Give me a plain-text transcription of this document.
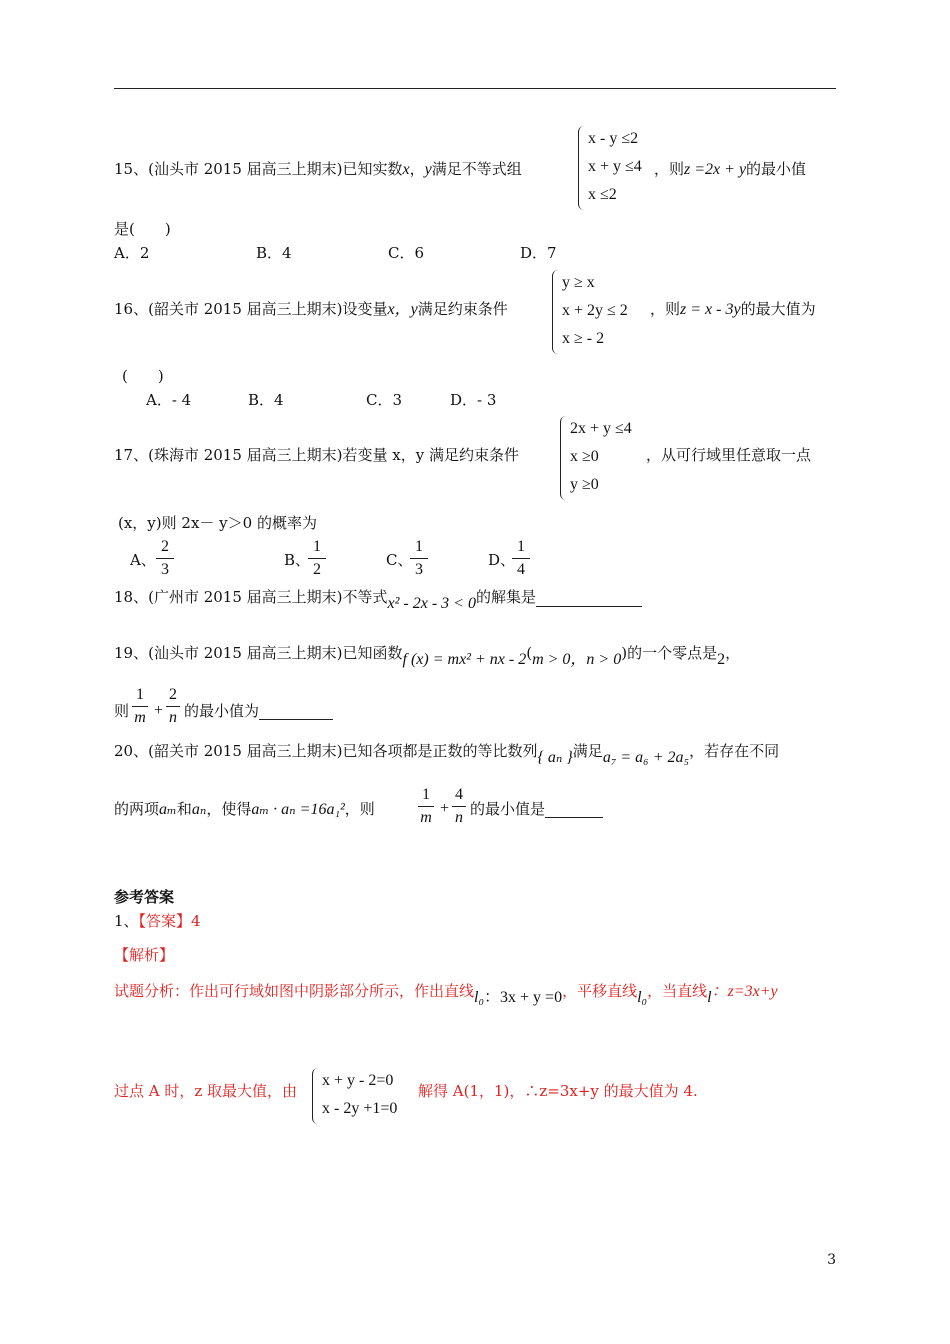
15、(汕头市 2015 届高三上期末)已知实数x，y满足不等式组
x - y ≤2
x + y ≤4
x ≤2
，则z =2x + y的最小值
是(　　)
A．2	B．4	C．6	D．7
16、(韶关市 2015 届高三上期末)设变量x，y满足约束条件
y ≥ x
x + 2y ≤ 2
x ≥ - 2
，则z = x - 3y的最大值为
(　　)
A．- 4	B．4	C．3	D．- 3
17、(珠海市 2015 届高三上期末)若变量 x，y 满足约束条件
2x + y ≤4
x ≥0
y ≥0
，从可行域里任意取一点
(x，y)则 2x－ y＞0 的概率为
A、
2
3
B、
1
2
C、
1
3
D、
1
4
18、(广州市 2015 届高三上期末)不等式x² - 2x - 3 < 0的解集是
19、(汕头市 2015 届高三上期末)已知函数f (x) = mx² + nx - 2(m > 0，n > 0)的一个零点是2，
则
1
m +
2
n 的最小值为
20、(韶关市 2015 届高三上期末)已知各项都是正数的等比数列{ aₙ }满足a₇ = a₆ + 2a₅，若存在不同
的两项aₘ和aₙ，使得aₘ · aₙ =16a₁²，则
1
m
+
4
n 的最小值是
参考答案
1、【答案】4
【解析】
试题分析：作出可行域如图中阴影部分所示，作出直线l₀：3x + y =0，平移直线l₀，当直线l：z=3x+y
过点 A 时，z 取最大值，由
x + y - 2=0
x - 2y +1=0
解得 A(1，1)，∴z=3x+y 的最大值为 4.
3
